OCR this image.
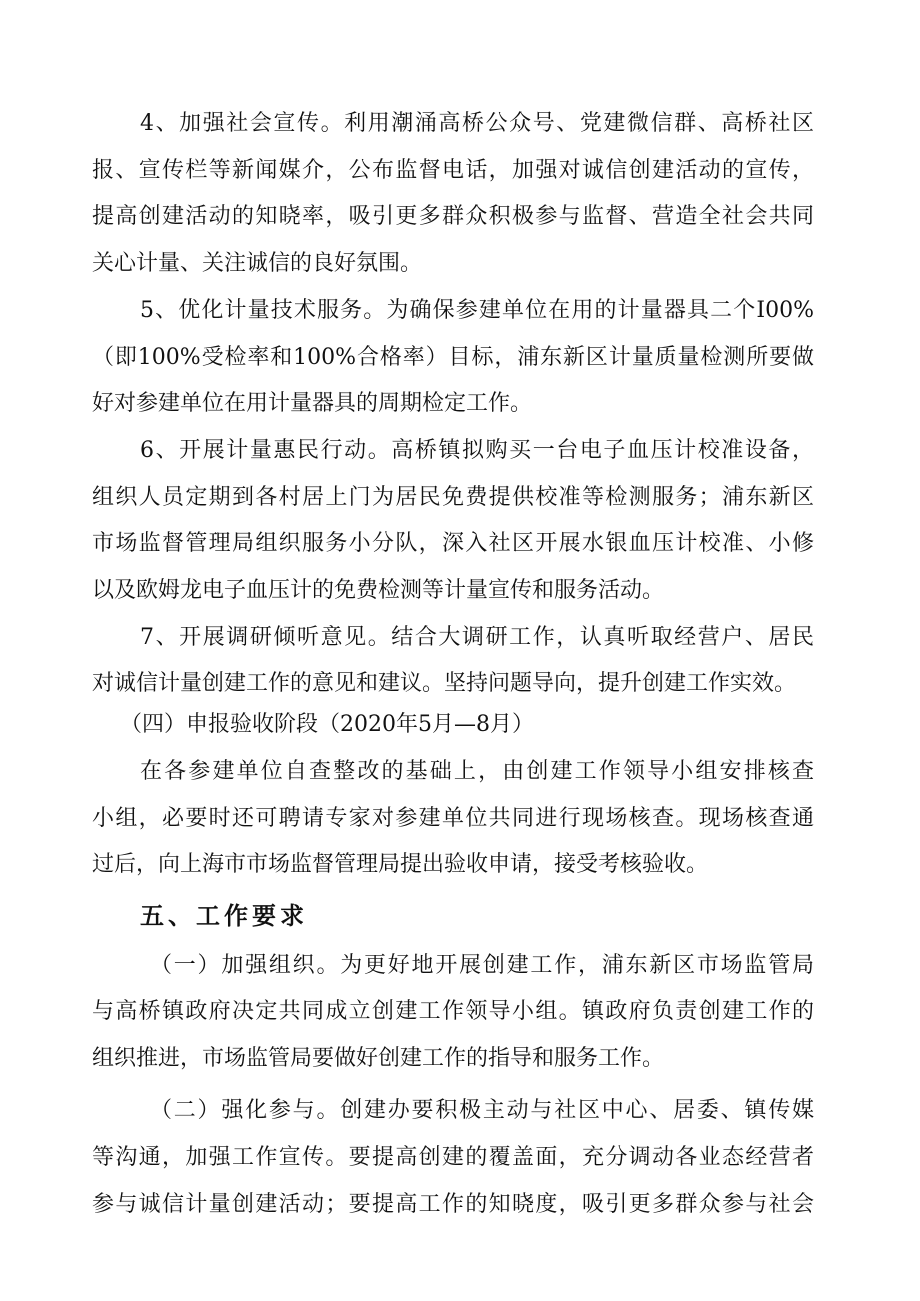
4、加强社会宣传。利用潮涌高桥公众号、党建微信群、高桥社区
报、宣传栏等新闻媒介，公布监督电话，加强对诚信创建活动的宣传，
提高创建活动的知晓率，吸引更多群众积极参与监督、营造全社会共同
关心计量、关注诚信的良好氛围。
5、优化计量技术服务。为确保参建单位在用的计量器具二个I00%
（即100%受检率和100%合格率）目标，浦东新区计量质量检测所要做
好对参建单位在用计量器具的周期检定工作。
6、开展计量惠民行动。高桥镇拟购买一台电子血压计校准设备，
组织人员定期到各村居上门为居民免费提供校准等检测服务；浦东新区
市场监督管理局组织服务小分队，深入社区开展水银血压计校准、小修
以及欧姆龙电子血压计的免费检测等计量宣传和服务活动。
7、开展调研倾听意见。结合大调研工作，认真听取经营户、居民
对诚信计量创建工作的意见和建议。坚持问题导向，提升创建工作实效。
（四）申报验收阶段（2020年5月—8月）
在各参建单位自查整改的基础上，由创建工作领导小组安排核查
小组，必要时还可聘请专家对参建单位共同进行现场核查。现场核查通
过后，向上海市市场监督管理局提出验收申请，接受考核验收。
五、工作要求
（一）加强组织。为更好地开展创建工作，浦东新区市场监管局
与高桥镇政府决定共同成立创建工作领导小组。镇政府负责创建工作的
组织推进，市场监管局要做好创建工作的指导和服务工作。
（二）强化参与。创建办要积极主动与社区中心、居委、镇传媒
等沟通，加强工作宣传。要提高创建的覆盖面，充分调动各业态经营者
参与诚信计量创建活动；要提高工作的知晓度，吸引更多群众参与社会
